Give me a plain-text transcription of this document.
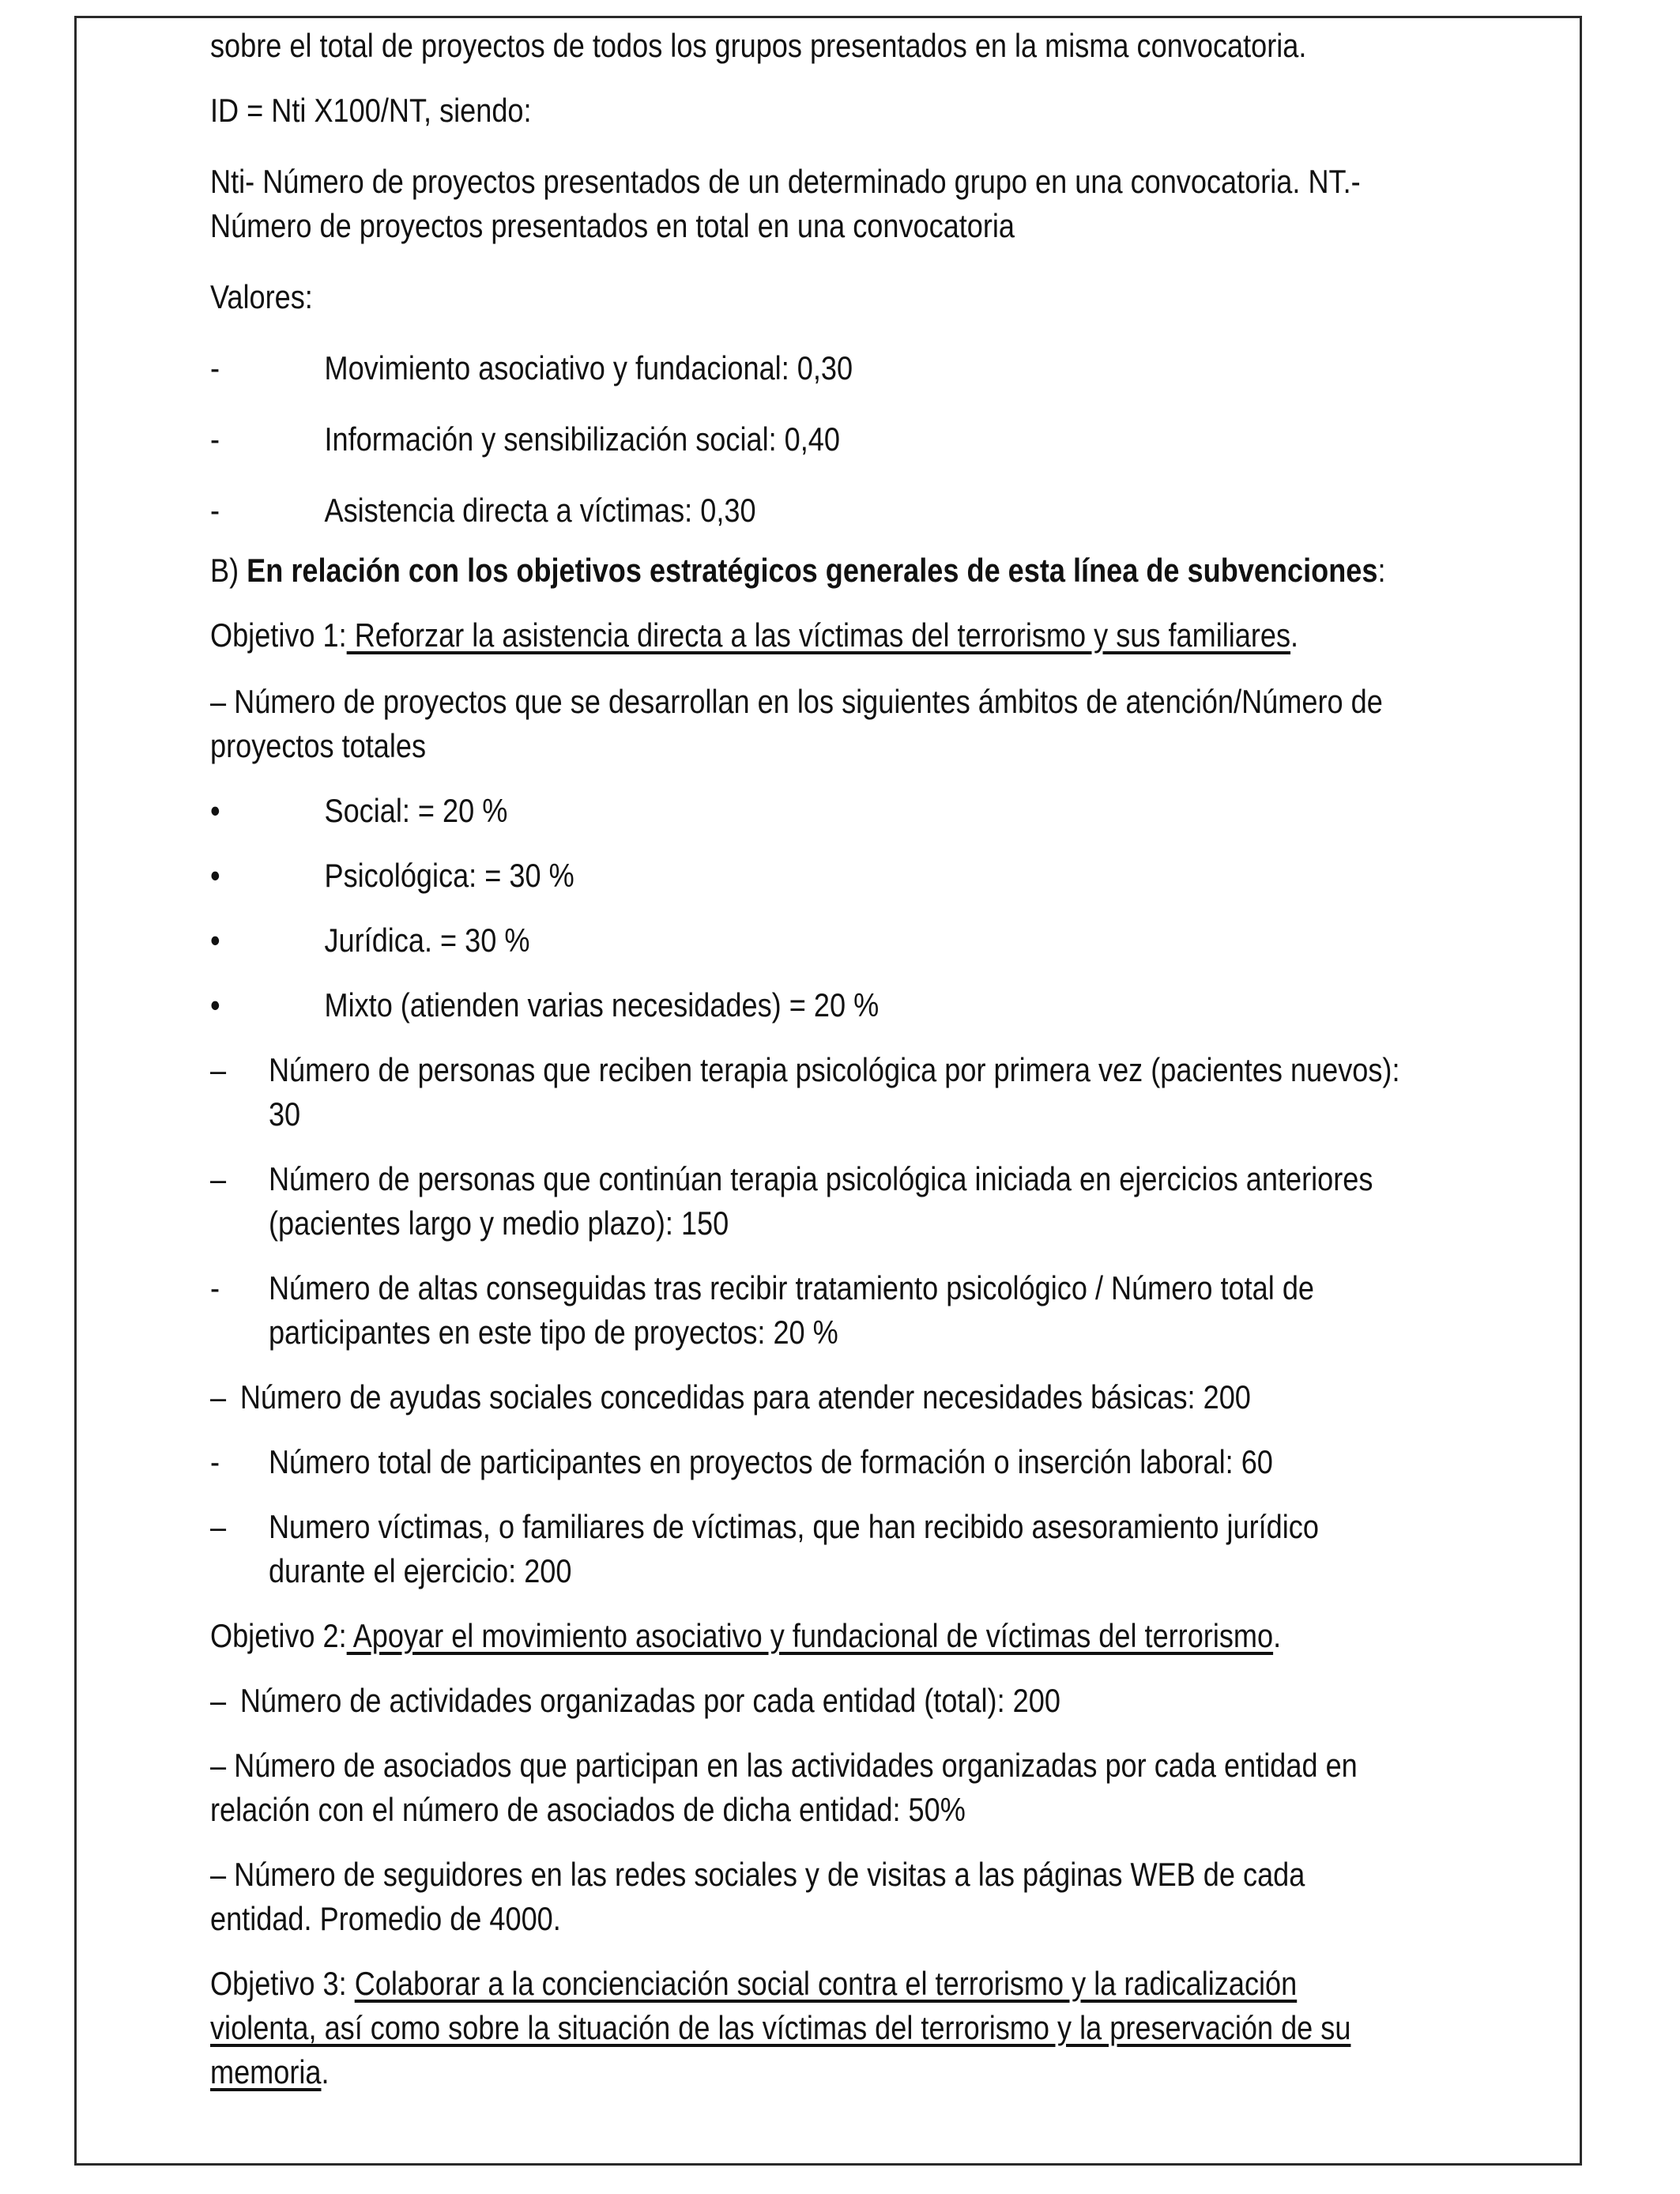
sobre el total de proyectos de todos los grupos presentados en la misma convocatoria.

ID = Nti X100/NT, siendo:

Nti- Número de proyectos presentados de un determinado grupo en una convocatoria. NT.- Número de proyectos presentados en total en una convocatoria

Valores:

-	Movimiento asociativo y fundacional: 0,30
-	Información y sensibilización social: 0,40
-	Asistencia directa a víctimas: 0,30

B) En relación con los objetivos estratégicos generales de esta línea de subvenciones:

Objetivo 1: Reforzar la asistencia directa a las víctimas del terrorismo y sus familiares.

– Número de proyectos que se desarrollan en los siguientes ámbitos de atención/Número de proyectos totales

•	Social: = 20 %
•	Psicológica: = 30 %
•	Jurídica. = 30 %
•	Mixto (atienden varias necesidades) = 20 %
–	Número de personas que reciben terapia psicológica por primera vez (pacientes nuevos): 30
–	Número de personas que continúan terapia psicológica iniciada en ejercicios anteriores (pacientes largo y medio plazo): 150
-	Número de altas conseguidas tras recibir tratamiento psicológico / Número total de participantes en este tipo de proyectos: 20 %
– Número de ayudas sociales concedidas para atender necesidades básicas: 200
-	Número total de participantes en proyectos de formación o inserción laboral: 60
–	Numero víctimas, o familiares de víctimas, que han recibido asesoramiento jurídico durante el ejercicio: 200

Objetivo 2: Apoyar el movimiento asociativo y fundacional de víctimas del terrorismo.

– Número de actividades organizadas por cada entidad (total): 200

– Número de asociados que participan en las actividades organizadas por cada entidad en relación con el número de asociados de dicha entidad: 50%

– Número de seguidores en las redes sociales y de visitas a las páginas WEB de cada entidad. Promedio de 4000.

Objetivo 3: Colaborar a la concienciación social contra el terrorismo y la radicalización violenta, así como sobre la situación de las víctimas del terrorismo y la preservación de su memoria.
